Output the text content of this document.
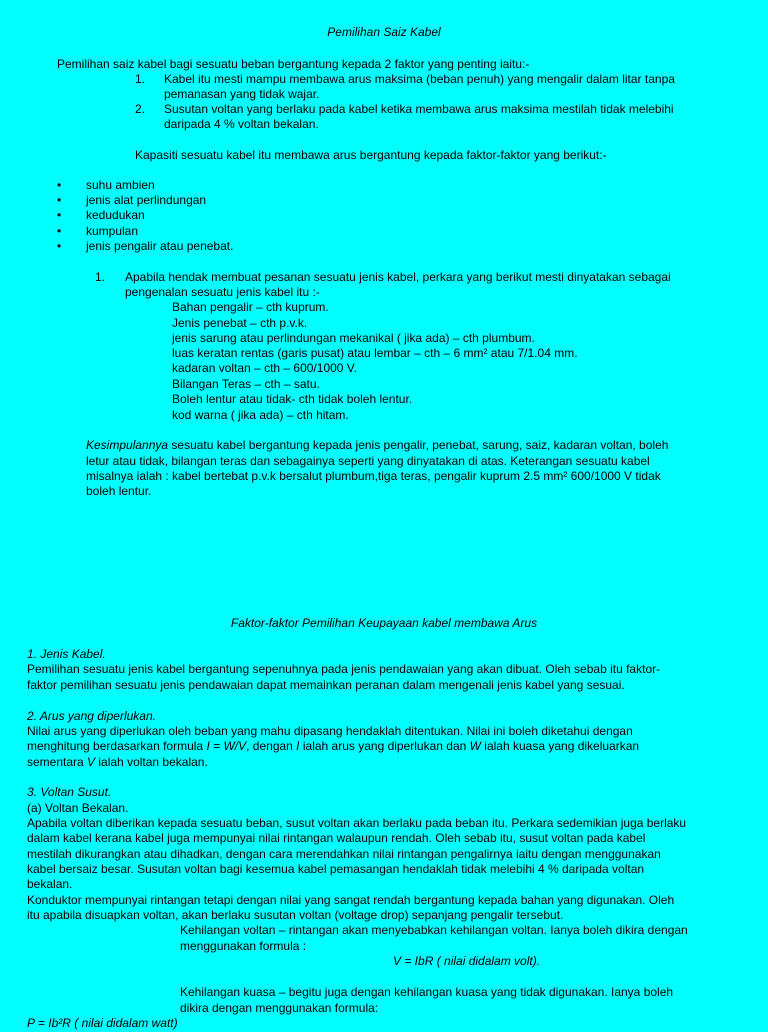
Pemilihan Saiz Kabel
Pemilihan saiz kabel bagi sesuatu beban bergantung kepada 2 faktor yang penting iaitu:-
1. Kabel itu mesti mampu membawa arus maksima (beban penuh) yang mengalir dalam litar tanpa
pemanasan yang tidak wajar.
2. Susutan voltan yang berlaku pada kabel ketika membawa arus maksima mestilah tidak melebihi
daripada 4 % voltan bekalan.
Kapasiti sesuatu kabel itu membawa arus bergantung kepada faktor-faktor yang berikut:-
• suhu ambien
• jenis alat perlindungan
• kedudukan
• kumpulan
• jenis pengalir atau penebat.
1. Apabila hendak membuat pesanan sesuatu jenis kabel, perkara yang berikut mesti dinyatakan sebagai
pengenalan sesuatu jenis kabel itu :-
Bahan pengalir – cth kuprum.
Jenis penebat – cth p.v.k.
jenis sarung atau perlindungan mekanikal ( jika ada) – cth plumbum.
luas keratan rentas (garis pusat) atau lembar – cth – 6 mm² atau 7/1.04 mm.
kadaran voltan – cth – 600/1000 V.
Bilangan Teras – cth – satu.
Boleh lentur atau tidak- cth tidak boleh lentur.
kod warna ( jika ada) – cth hitam.
Kesimpulannya sesuatu kabel bergantung kepada jenis pengalir, penebat, sarung, saiz, kadaran voltan, boleh
letur atau tidak, bilangan teras dan sebagainya seperti yang dinyatakan di atas. Keterangan sesuatu kabel
misalnya ialah : kabel bertebat p.v.k bersalut plumbum,tiga teras, pengalir kuprum 2.5 mm² 600/1000 V tidak
boleh lentur.
Faktor-faktor Pemilihan Keupayaan kabel membawa Arus
1. Jenis Kabel.
Pemilihan sesuatu jenis kabel bergantung sepenuhnya pada jenis pendawaian yang akan dibuat. Oleh sebab itu faktor-
faktor pemilihan sesuatu jenis pendawaian dapat memainkan peranan dalam mengenali jenis kabel yang sesuai.
2. Arus yang diperlukan.
Nilai arus yang diperlukan oleh beban yang mahu dipasang hendaklah ditentukan. Nilai ini boleh diketahui dengan
menghitung berdasarkan formula I = W/V, dengan I ialah arus yang diperlukan dan W ialah kuasa yang dikeluarkan
sementara V ialah voltan bekalan.
3. Voltan Susut.
(a) Voltan Bekalan.
Apabila voltan diberikan kepada sesuatu beban, susut voltan akan berlaku pada beban itu. Perkara sedemikian juga berlaku
dalam kabel kerana kabel juga mempunyai nilai rintangan walaupun rendah. Oleh sebab itu, susut voltan pada kabel
mestilah dikurangkan atau dihadkan, dengan cara merendahkan nilai rintangan pengalirnya iaitu dengan menggunakan
kabel bersaiz besar. Susutan voltan bagi kesemua kabel pemasangan hendaklah tidak melebihi 4 % daripada voltan
bekalan.
Konduktor mempunyai rintangan tetapi dengan nilai yang sangat rendah bergantung kepada bahan yang digunakan. Oleh
itu apabila disuapkan voltan, akan berlaku susutan voltan (voltage drop) sepanjang pengalir tersebut.
Kehilangan voltan – rintangan akan menyebabkan kehilangan voltan. Ianya boleh dikira dengan
menggunakan formula :
V = IbR ( nilai didalam volt).
Kehilangan kuasa – begitu juga dengan kehilangan kuasa yang tidak digunakan. Ianya boleh
dikira dengan menggunakan formula:
P = Ib²R ( nilai didalam watt)
